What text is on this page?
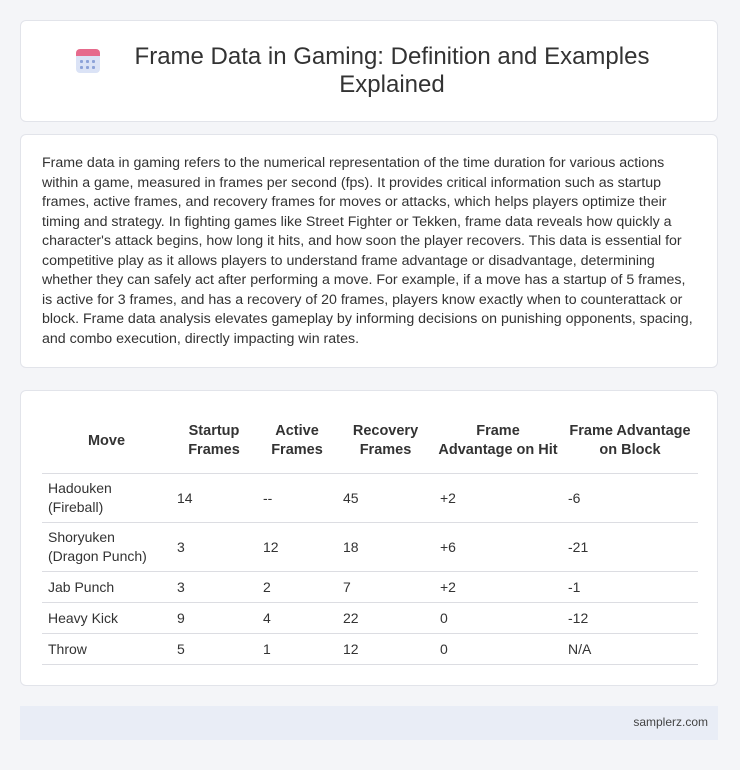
Frame Data in Gaming: Definition and Examples Explained

Frame data in gaming refers to the numerical representation of the time duration for various actions within a game, measured in frames per second (fps). It provides critical information such as startup frames, active frames, and recovery frames for moves or attacks, which helps players optimize their timing and strategy. In fighting games like Street Fighter or Tekken, frame data reveals how quickly a character's attack begins, how long it hits, and how soon the player recovers. This data is essential for competitive play as it allows players to understand frame advantage or disadvantage, determining whether they can safely act after performing a move. For example, if a move has a startup of 5 frames, is active for 3 frames, and has a recovery of 20 frames, players know exactly when to counterattack or block. Frame data analysis elevates gameplay by informing decisions on punishing opponents, spacing, and combo execution, directly impacting win rates.

Move	Startup Frames	Active Frames	Recovery Frames	Frame Advantage on Hit	Frame Advantage on Block
Hadouken (Fireball)	14	--	45	+2	-6
Shoryuken (Dragon Punch)	3	12	18	+6	-21
Jab Punch	3	2	7	+2	-1
Heavy Kick	9	4	22	0	-12
Throw	5	1	12	0	N/A
samplerz.com
